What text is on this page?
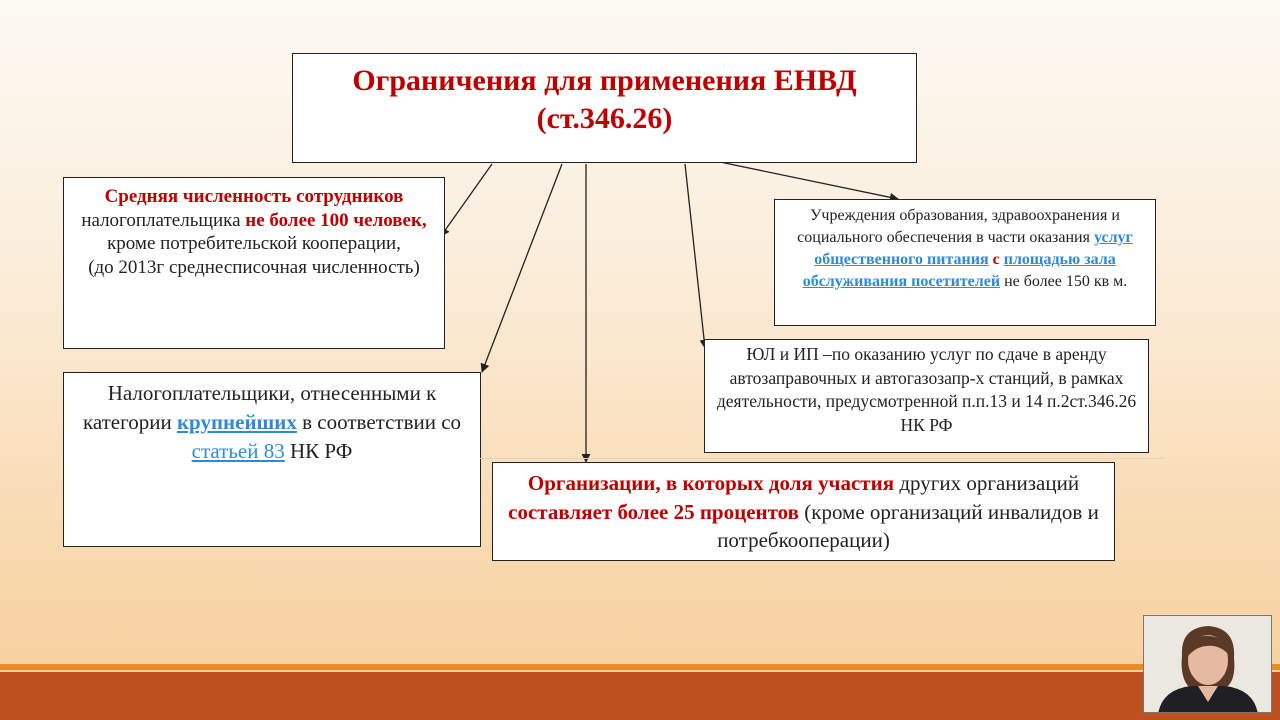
Ограничения для применения ЕНВД
(ст.346.26)
Средняя численность сотрудников налогоплательщика не более 100 человек, кроме потребительской кооперации,
(до 2013г среднесписочная численность)
Налогоплательщики, отнесенными к категории крупнейших в соответствии со статьей 83 НК РФ
Учреждения образования, здравоохранения и социального обеспечения в части оказания услуг общественного питания с площадью зала обслуживания посетителей не более 150 кв м.
ЮЛ и ИП –по оказанию услуг по сдаче в аренду автозаправочных и автогазозапр-х станций, в рамках деятельности, предусмотренной п.п.13 и 14 п.2ст.346.26 НК РФ
Организации, в которых доля участия других организаций составляет более 25 процентов (кроме организаций инвалидов и потребкооперации)
